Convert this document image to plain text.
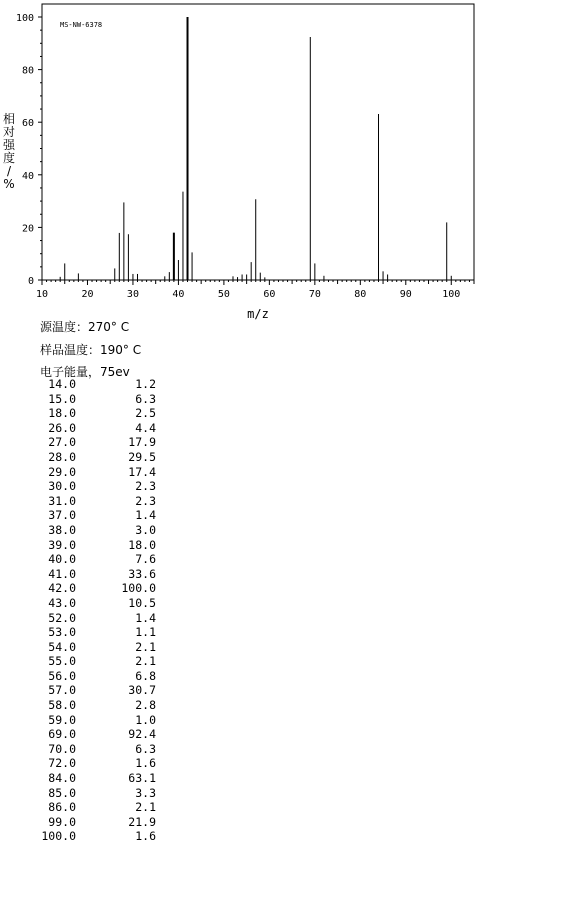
0
20
40
60
80
100
10	20	30	40	50	60	70	80	90	100
MS-NW-6378
m/z
相对强度/ %
源温度：270° C
样品温度：190° C
电子能量，75ev
14.0	1.2
15.0	6.3
18.0	2.5
26.0	4.4
27.0	17.9
28.0	29.5
29.0	17.4
30.0	2.3
31.0	2.3
37.0	1.4
38.0	3.0
39.0	18.0
40.0	7.6
41.0	33.6
42.0	100.0
43.0	10.5
52.0	1.4
53.0	1.1
54.0	2.1
55.0	2.1
56.0	6.8
57.0	30.7
58.0	2.8
59.0	1.0
69.0	92.4
70.0	6.3
72.0	1.6
84.0	63.1
85.0	3.3
86.0	2.1
99.0	21.9
100.0	1.6
